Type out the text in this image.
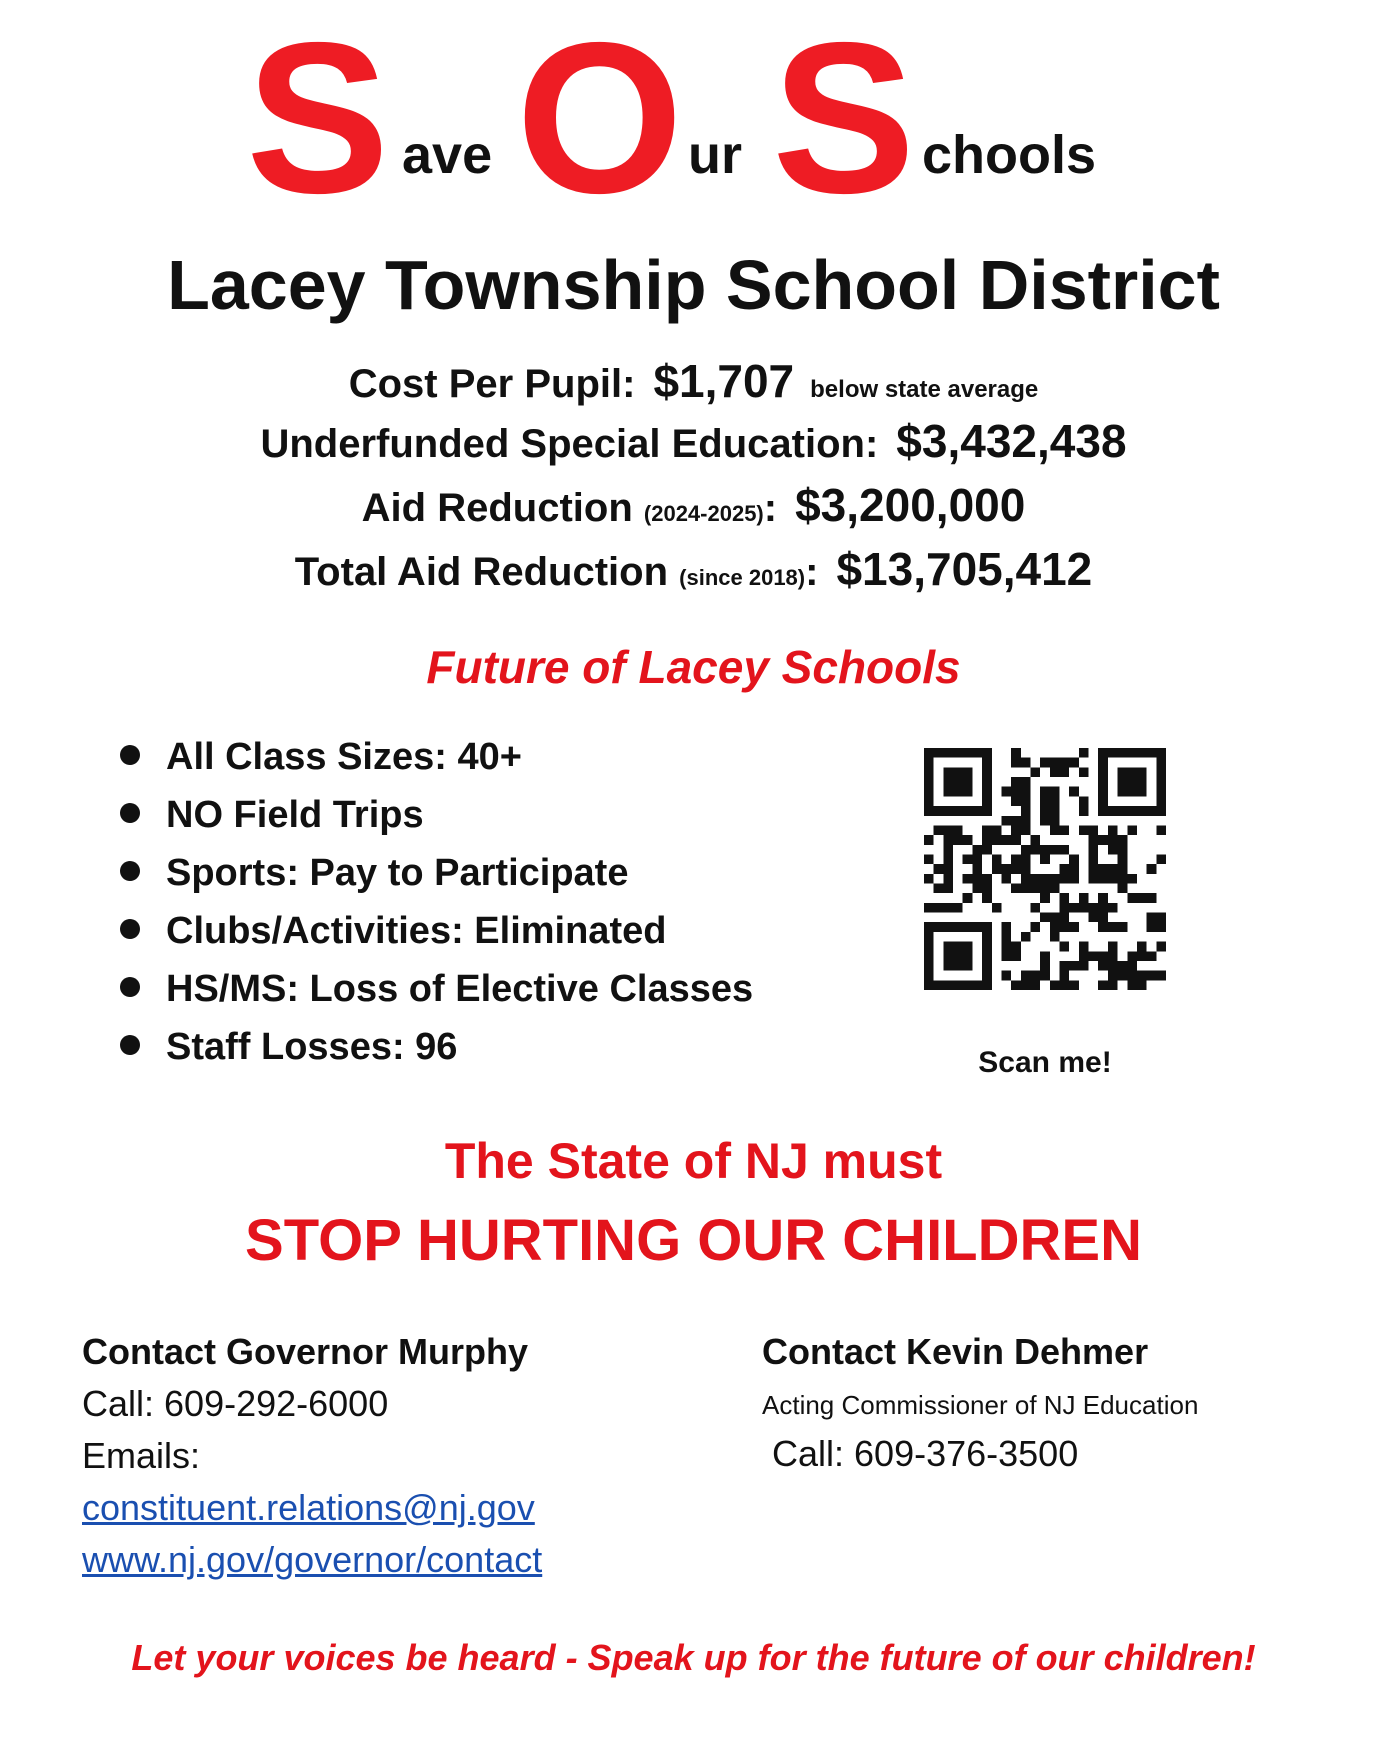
S ave O ur S chools
Lacey Township School District
Cost Per Pupil: $1,707 below state average
Underfunded Special Education: $3,432,438
Aid Reduction (2024-2025): $3,200,000
Total Aid Reduction (since 2018): $13,705,412
Future of Lacey Schools
All Class Sizes: 40+
NO Field Trips
Sports: Pay to Participate
Clubs/Activities: Eliminated
HS/MS: Loss of Elective Classes
Staff Losses: 96	Scan me!
The State of NJ must
STOP HURTING OUR CHILDREN
Contact Governor Murphy
Call: 609-292-6000
Emails:
constituent.relations@nj.gov
www.nj.gov/governor/contact
Contact Kevin Dehmer
Acting Commissioner of NJ Education
Call: 609-376-3500
Let your voices be heard - Speak up for the future of our children!
